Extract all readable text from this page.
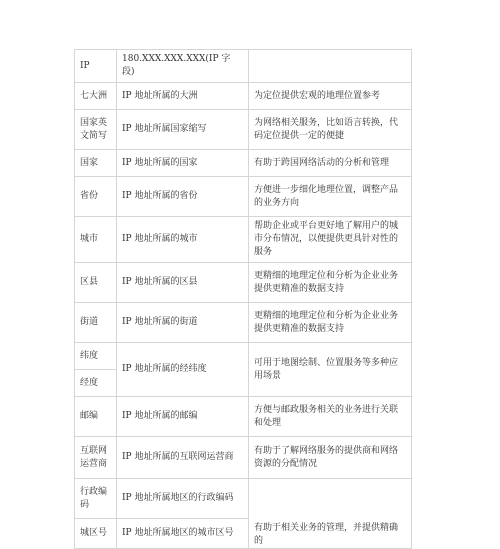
IP	180.XXX.XXX.XXX(IP 字段)	
七大洲	IP 地址所属的大洲	为定位提供宏观的地理位置参考
国家英文简写	IP 地址所属国家缩写	为网络相关服务，比如语言转换，代码定位提供一定的便捷
国家	IP 地址所属的国家	有助于跨国网络活动的分析和管理
省份	IP 地址所属的省份	方便进一步细化地理位置，调整产品的业务方向
城市	IP 地址所属的城市	帮助企业或平台更好地了解用户的城市分布情况，以便提供更具针对性的服务
区县	IP 地址所属的区县	更精细的地理定位和分析为企业业务提供更精准的数据支持
街道	IP 地址所属的街道	更精细的地理定位和分析为企业业务提供更精准的数据支持
纬度	IP 地址所属的经纬度	可用于地图绘制、位置服务等多种应用场景
经度		
邮编	IP 地址所属的邮编	方便与邮政服务相关的业务进行关联和处理
互联网运营商	IP 地址所属的互联网运营商	有助于了解网络服务的提供商和网络资源的分配情况
行政编码	IP 地址所属地区的行政编码	有助于相关业务的管理，并提供精确的
城区号	IP 地址所属地区的城市区号	
